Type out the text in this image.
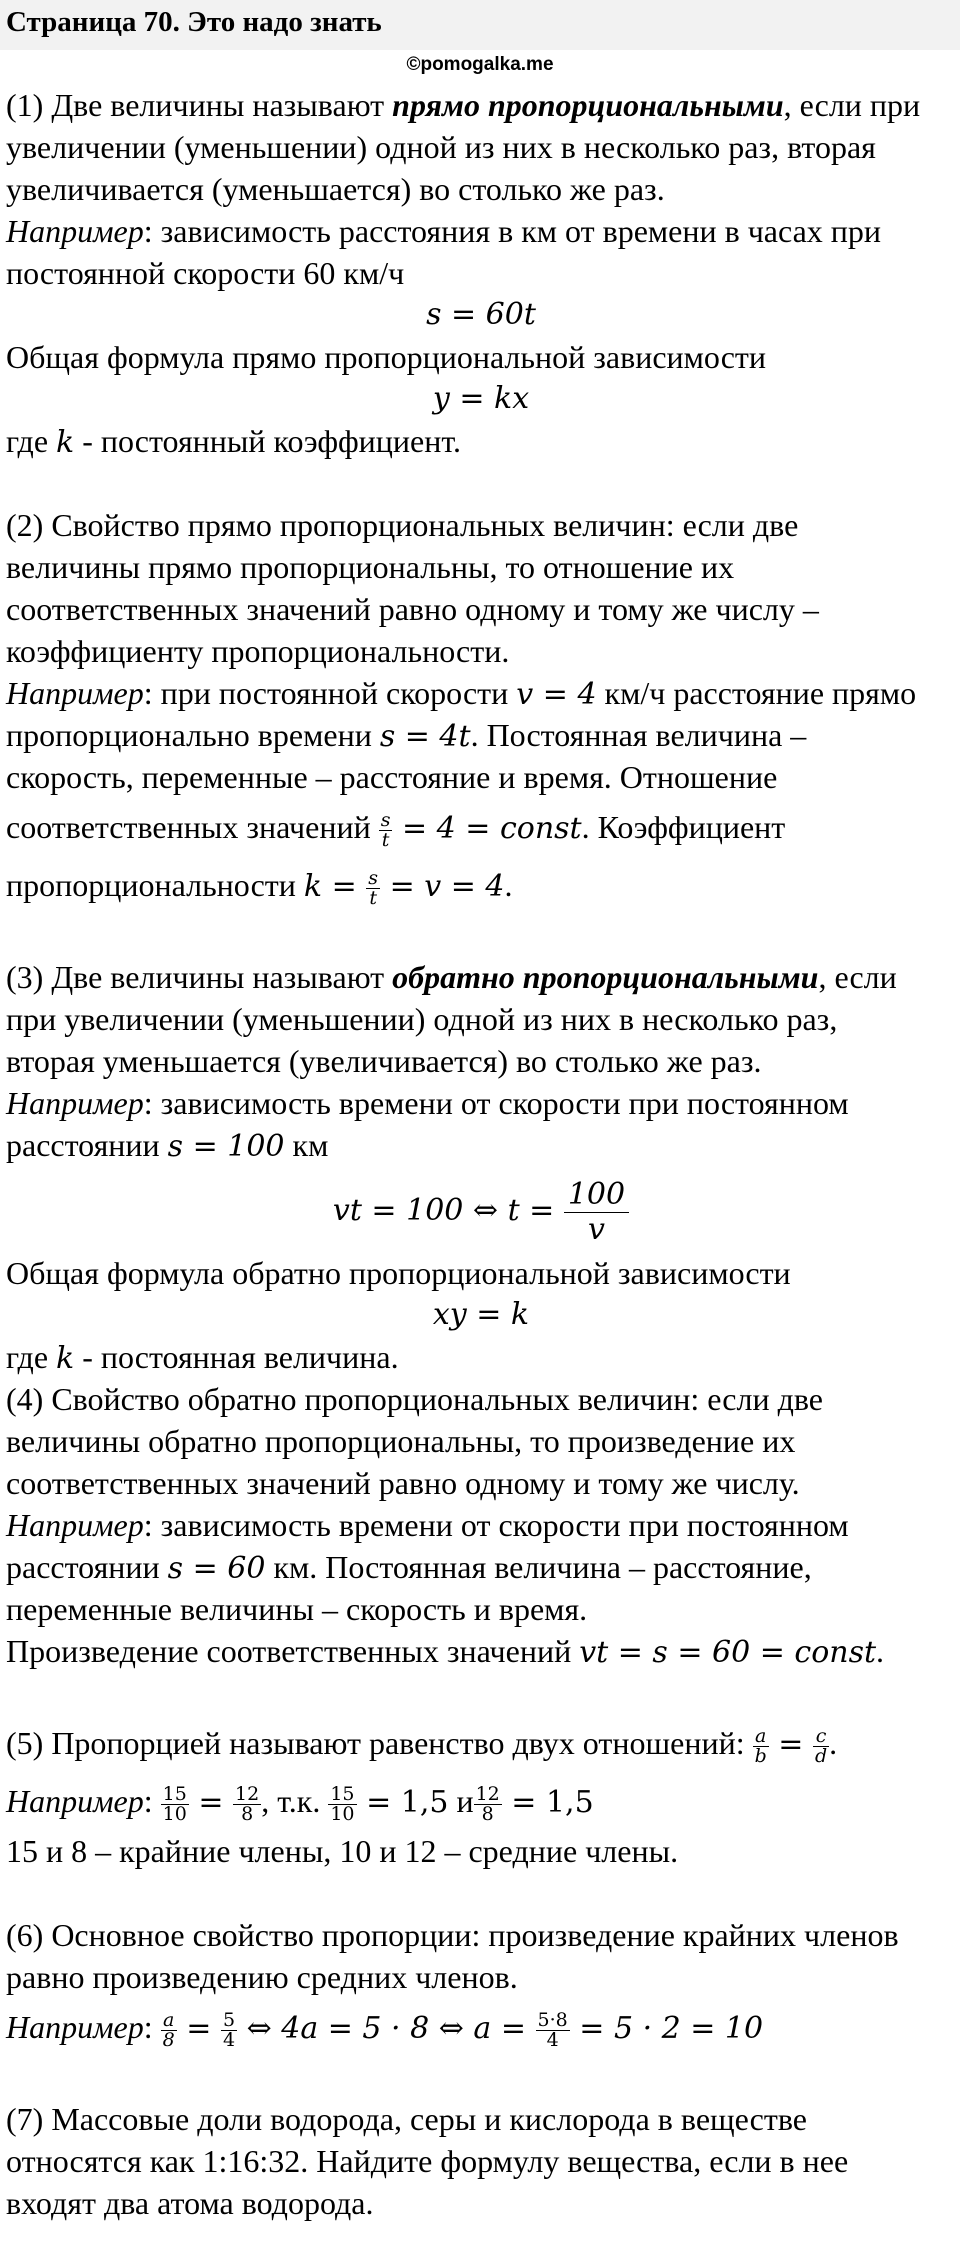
Страница 70. Это надо знать
©pomogalka.me
(1) Две величины называют прямо пропорциональными, если при
увеличении (уменьшении) одной из них в несколько раз, вторая
увеличивается (уменьшается) во столько же раз.
Например: зависимость расстояния в км от времени в часах при
постоянной скорости 60 км/ч
s = 60t
Общая формула прямо пропорциональной зависимости
y = kx
где k - постоянный коэффициент.
(2) Свойство прямо пропорциональных величин: если две
величины прямо пропорциональны, то отношение их
соответственных значений равно одному и тому же числу –
коэффициенту пропорциональности.
Например: при постоянной скорости v = 4 км/ч расстояние прямо
пропорционально времени s = 4t. Постоянная величина –
скорость, переменные – расстояние и время. Отношение
соответственных значений $\frac{s}{t} = 4$ = const. Коэффициент
пропорциональности $k = \frac{s}{t} = v = 4$.
(3) Две величины называют обратно пропорциональными, если
при увеличении (уменьшении) одной из них в несколько раз,
вторая уменьшается (увеличивается) во столько же раз.
Например: зависимость времени от скорости при постоянном
расстоянии s = 100 км
vt = 100 ⇔ $t = \frac{100}{v}$
Общая формула обратно пропорциональной зависимости
xy = k
где k - постоянная величина.
(4) Свойство обратно пропорциональных величин: если две
величины обратно пропорциональны, то произведение их
соответственных значений равно одному и тому же числу.
Например: зависимость времени от скорости при постоянном
расстоянии s = 60 км. Постоянная величина – расстояние,
переменные величины – скорость и время.
Произведение соответственных значений vt = s = 60 = const.
(5) Пропорцией называют равенство двух отношений: $\frac{a}{b} = \frac{c}{d}$ .
Например: $\frac{15}{10} = \frac{12}{8}$ , т.к. $\frac{15}{10} = 1,5$ и $\frac{12}{8} = 1,5$
15 и 8 – крайние члены, 10 и 12 – средние члены.
(6) Основное свойство пропорции: произведение крайних членов
равно произведению средних членов.
Например: $\frac{a}{8} = \frac{5}{4}$ ⇔ 4a = 5 · 8 ⇔ $a = \frac{5\cdot 8}{4} = 5 \cdot 2 = 10$
(7) Массовые доли водорода, серы и кислорода в веществе
относятся как 1:16:32. Найдите формулу вещества, если в нее
входят два атома водорода.
